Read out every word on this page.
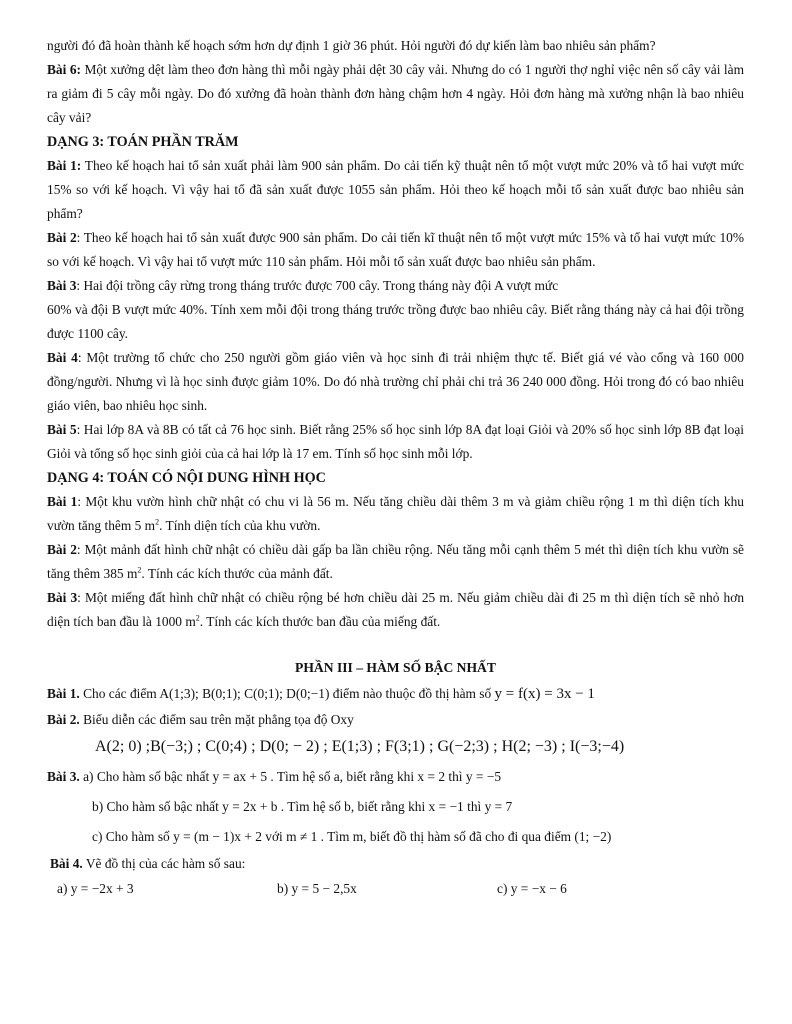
người đó đã hoàn thành kế hoạch sớm hơn dự định 1 giờ 36 phút. Hỏi người đó dự kiến làm bao nhiêu sản phẩm?

Bài 6: Một xưởng dệt làm theo đơn hàng thì mỗi ngày phải dệt 30 cây vải. Nhưng do có 1 người thợ nghỉ việc nên số cây vải làm ra giảm đi 5 cây mỗi ngày. Do đó xưởng đã hoàn thành đơn hàng chậm hơn 4 ngày. Hỏi đơn hàng mà xưởng nhận là bao nhiêu cây vải?

DẠNG 3: TOÁN PHẦN TRĂM

Bài 1: Theo kế hoạch hai tổ sản xuất phải làm 900 sản phẩm. Do cải tiến kỹ thuật nên tổ một vượt mức 20% và tổ hai vượt mức 15% so với kế hoạch. Vì vậy hai tổ đã sản xuất được 1055 sản phẩm. Hỏi theo kế hoạch mỗi tổ sản xuất được bao nhiêu sản phẩm?

Bài 2: Theo kế hoạch hai tổ sản xuất được 900 sản phẩm. Do cải tiến kĩ thuật nên tổ một vượt mức 15% và tổ hai vượt mức 10% so với kế hoạch. Vì vậy hai tổ vượt mức 110 sản phẩm. Hỏi mỗi tổ sản xuất được bao nhiêu sản phẩm.

Bài 3: Hai đội trồng cây rừng trong tháng trước được 700 cây. Trong tháng này đội A vượt mức

60% và đội B vượt mức 40%. Tính xem mỗi đội trong tháng trước trồng được bao nhiêu cây. Biết rằng tháng này cả hai đội trồng được 1100 cây.

Bài 4: Một trường tổ chức cho 250 người gồm giáo viên và học sinh đi trải nhiệm thực tế. Biết giá vé vào cổng và 160 000 đồng/người. Nhưng vì là học sinh được giảm 10%. Do đó nhà trường chỉ phải chi trả 36 240 000 đồng. Hỏi trong đó có bao nhiêu giáo viên, bao nhiêu học sinh.

Bài 5: Hai lớp 8A và 8B có tất cả 76 học sinh. Biết rằng 25% số học sinh lớp 8A đạt loại Giỏi và 20% số học sinh lớp 8B đạt loại Giỏi và tổng số học sinh giỏi của cả hai lớp là 17 em. Tính số học sinh mỗi lớp.

DẠNG 4: TOÁN CÓ NỘI DUNG HÌNH HỌC

Bài 1: Một khu vườn hình chữ nhật có chu vi là 56 m. Nếu tăng chiều dài thêm 3 m và giảm chiều rộng 1 m thì diện tích khu vườn tăng thêm 5 $m^2$. Tính diện tích của khu vườn.

Bài 2: Một mảnh đất hình chữ nhật có chiều dài gấp ba lần chiều rộng. Nếu tăng mỗi cạnh thêm 5 mét thì diện tích khu vườn sẽ tăng thêm 385 $m^2$. Tính các kích thước của mảnh đất.

Bài 3: Một miếng đất hình chữ nhật có chiều rộng bé hơn chiều dài 25 m. Nếu giảm chiều dài đi 25 m thì diện tích sẽ nhỏ hơn diện tích ban đầu là 1000 $m^2$. Tính các kích thước ban đầu của miếng đất.

PHẦN III – HÀM SỐ BẬC NHẤT

Bài 1. Cho các điểm A(1;3); B(0;1); C(0;1); D(0;−1) điểm nào thuộc đồ thị hàm số y = f(x) = 3x − 1

Bài 2. Biểu diễn các điểm sau trên mặt phẳng tọa độ Oxy

A(2; 0) ;B(−3;) ; C(0;4) ; D(0; − 2) ; E(1;3) ; F(3;1) ; G(−2;3) ; H(2; −3) ; I(−3;−4)

Bài 3. a) Cho hàm số bậc nhất y = ax + 5 . Tìm hệ số a, biết rằng khi x = 2 thì y = −5

b) Cho hàm số bậc nhất y = 2x + b . Tìm hệ số b, biết rằng khi x = −1 thì y = 7

c) Cho hàm số y = (m − 1)x + 2 với m ≠ 1 . Tìm m, biết đồ thị hàm số đã cho đi qua điểm (1; −2)

Bài 4. Vẽ đồ thị của các hàm số sau:

a) y = −2x + 3	b) y = 5 − 2,5x	c) y = −x − 6
